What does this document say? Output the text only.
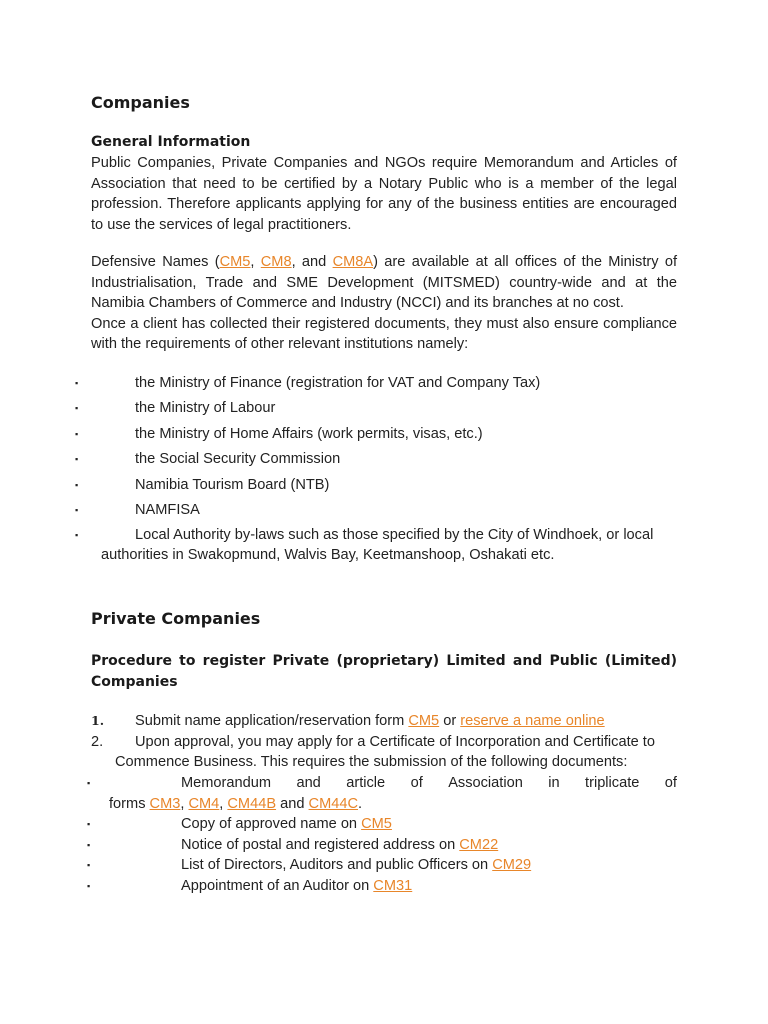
Companies
General Information

Public Companies, Private Companies and NGOs require Memorandum and Articles of Association that need to be certified by a Notary Public who is a member of the legal profession. Therefore applicants applying for any of the business entities are encouraged to use the services of legal practitioners.

Defensive Names (CM5, CM8, and CM8A) are available at all offices of the Ministry of Industrialisation, Trade and SME Development (MITSMED) country-wide and at the Namibia Chambers of Commerce and Industry (NCCI) and its branches at no cost.
Once a client has collected their registered documents, they must also ensure compliance with the requirements of other relevant institutions namely:

▪	the Ministry of Finance (registration for VAT and Company Tax)
▪	the Ministry of Labour
▪	the Ministry of Home Affairs (work permits, visas, etc.)
▪	the Social Security Commission
▪	Namibia Tourism Board (NTB)
▪	NAMFISA
▪	Local Authority by-laws such as those specified by the City of Windhoek, or local
authorities in Swakopmund, Walvis Bay, Keetmanshoop, Oshakati etc.
Private Companies
Procedure to register Private (proprietary) Limited and Public (Limited) Companies
1. Submit name application/reservation form CM5 or reserve a name online
2. Upon approval, you may apply for a Certificate of Incorporation and Certificate to
Commence Business. This requires the submission of the following documents:
▪	Memorandum and article of Association in triplicate of
forms CM3, CM4, CM44B and CM44C.
▪	Copy of approved name on CM5
▪	Notice of postal and registered address on CM22
▪	List of Directors, Auditors and public Officers on CM29
▪	Appointment of an Auditor on CM31
